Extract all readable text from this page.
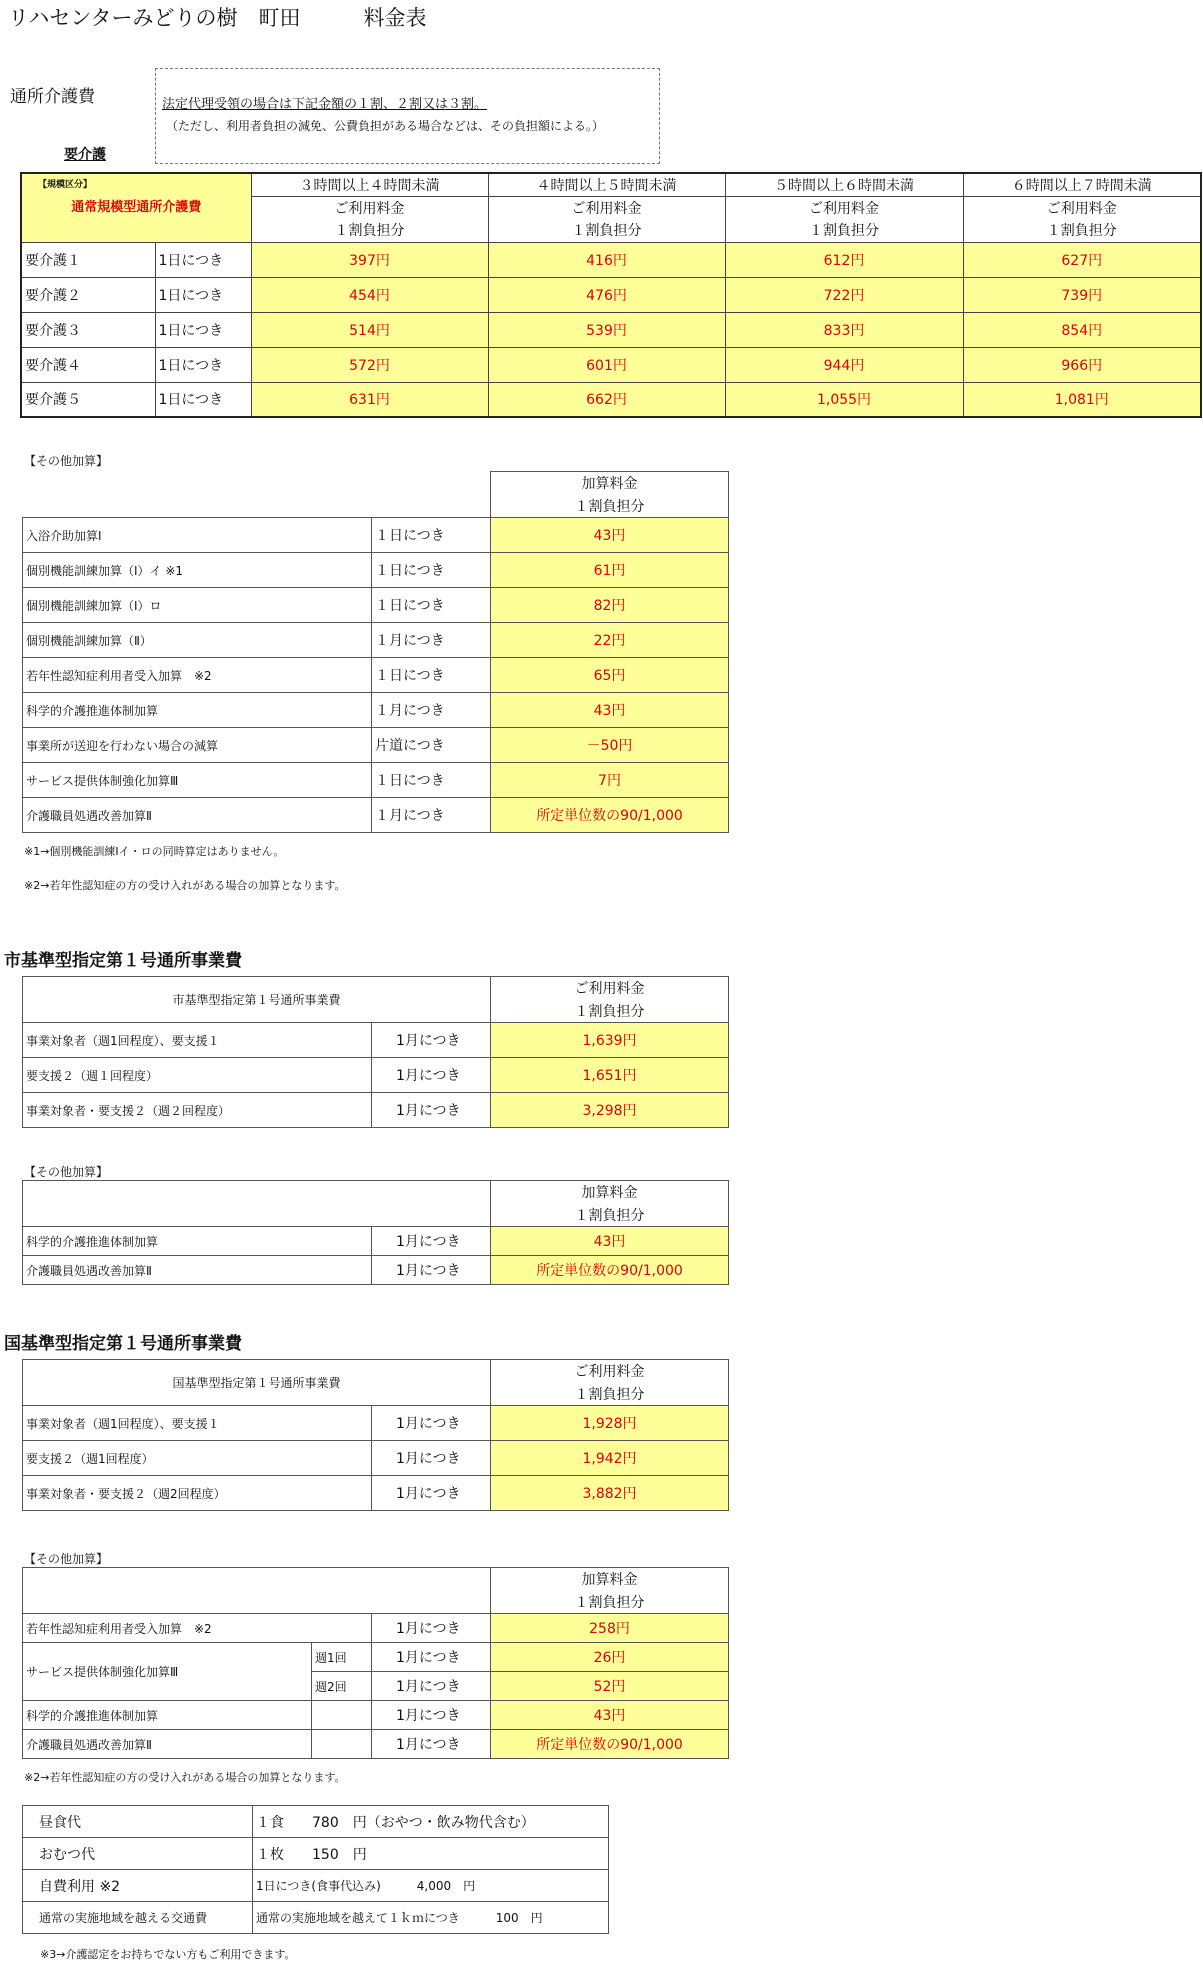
リハセンターみどりの樹　町田　　　料金表
通所介護費	法定代理受領の場合は下記金額の１割、２割又は３割。
（ただし、利用者負担の減免、公費負担がある場合などは、その負担額による。）
要介護
【規模区分】
通常規模型通所介護費		３時間以上４時間未満	４時間以上５時間未満	５時間以上６時間未満	６時間以上７時間未満
		ご利用料金	ご利用料金	ご利用料金	ご利用料金
		１割負担分	１割負担分	１割負担分	１割負担分
要介護１	1日につき	397円	416円	612円	627円
要介護２	1日につき	454円	476円	722円	739円
要介護３	1日につき	514円	539円	833円	854円
要介護４	1日につき	572円	601円	944円	966円
要介護５	1日につき	631円	662円	1,055円	1,081円
【その他加算】
		加算料金
		１割負担分
入浴介助加算Ⅰ	１日につき	43円
個別機能訓練加算（Ⅰ）イ ※1	１日につき	61円
個別機能訓練加算（Ⅰ）ロ	１日につき	82円
個別機能訓練加算（Ⅱ）	１月につき	22円
若年性認知症利用者受入加算　※2	１日につき	65円
科学的介護推進体制加算	１月につき	43円
事業所が送迎を行わない場合の減算	片道につき	－50円
サービス提供体制強化加算Ⅲ	１日につき	7円
介護職員処遇改善加算Ⅱ	１月につき	所定単位数の90/1,000
※1→個別機能訓練Ⅰイ・ロの同時算定はありません。
※2→若年性認知症の方の受け入れがある場合の加算となります。
市基準型指定第１号通所事業費
市基準型指定第１号通所事業費		ご利用料金
		１割負担分
事業対象者（週1回程度）、要支援１	1月につき	1,639円
要支援２（週１回程度）	1月につき	1,651円
事業対象者・要支援２（週２回程度）	1月につき	3,298円
【その他加算】
		加算料金
		１割負担分
科学的介護推進体制加算	1月につき	43円
介護職員処遇改善加算Ⅱ	1月につき	所定単位数の90/1,000
国基準型指定第１号通所事業費
国基準型指定第１号通所事業費		ご利用料金
		１割負担分
事業対象者（週1回程度）、要支援１	1月につき	1,928円
要支援２（週1回程度）	1月につき	1,942円
事業対象者・要支援２（週2回程度）	1月につき	3,882円
【その他加算】
			加算料金
			１割負担分
若年性認知症利用者受入加算　※2		1月につき	258円
サービス提供体制強化加算Ⅲ	週1回	1月につき	26円
	週2回	1月につき	52円
科学的介護推進体制加算		1月につき	43円
介護職員処遇改善加算Ⅱ		1月につき	所定単位数の90/1,000
※2→若年性認知症の方の受け入れがある場合の加算となります。
昼食代	１食　　780　円（おやつ・飲み物代含む）
おむつ代	１枚　　150　円
自費利用 ※2	1日につき(食事代込み)　　　4,000　円
通常の実施地域を越える交通費	通常の実施地域を越えて１ｋｍにつき　　　100　円
※3→介護認定をお持ちでない方もご利用できます。
